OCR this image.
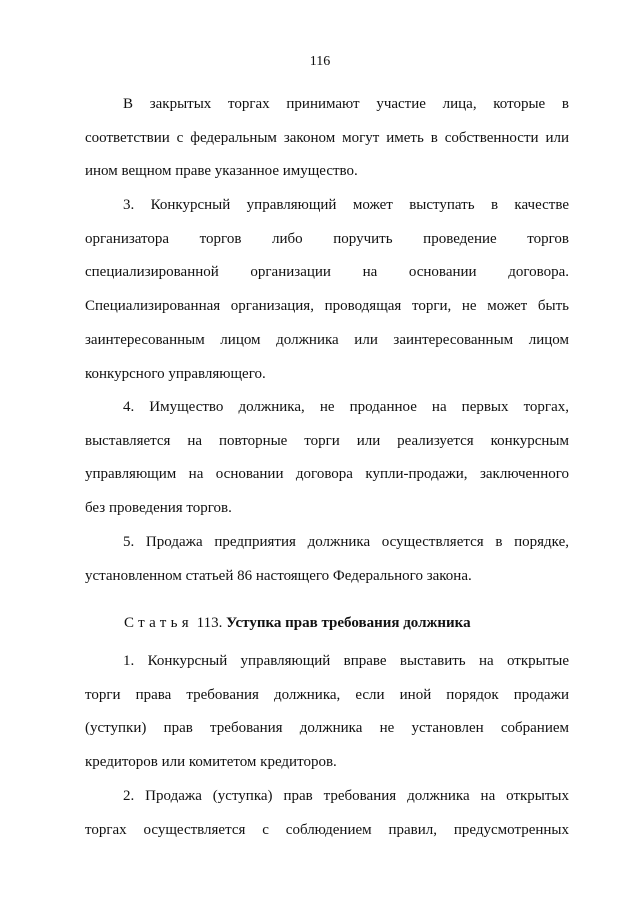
116
В закрытых торгах принимают участие лица, которые в
соответствии с федеральным законом могут иметь в собственности или
ином вещном праве указанное имущество.
3. Конкурсный управляющий может выступать в качестве
организатора торгов либо поручить проведение торгов
специализированной организации на основании договора.
Специализированная организация, проводящая торги, не может быть
заинтересованным лицом должника или заинтересованным лицом
конкурсного управляющего.
4. Имущество должника, не проданное на первых торгах,
выставляется на повторные торги или реализуется конкурсным
управляющим на основании договора купли-продажи, заключенного
без проведения торгов.
5. Продажа предприятия должника осуществляется в порядке,
установленном статьей 86 настоящего Федерального закона.
Статья 113. Уступка прав требования должника
1. Конкурсный управляющий вправе выставить на открытые
торги права требования должника, если иной порядок продажи
(уступки) прав требования должника не установлен собранием
кредиторов или комитетом кредиторов.
2. Продажа (уступка) прав требования должника на открытых
торгах осуществляется с соблюдением правил, предусмотренных
